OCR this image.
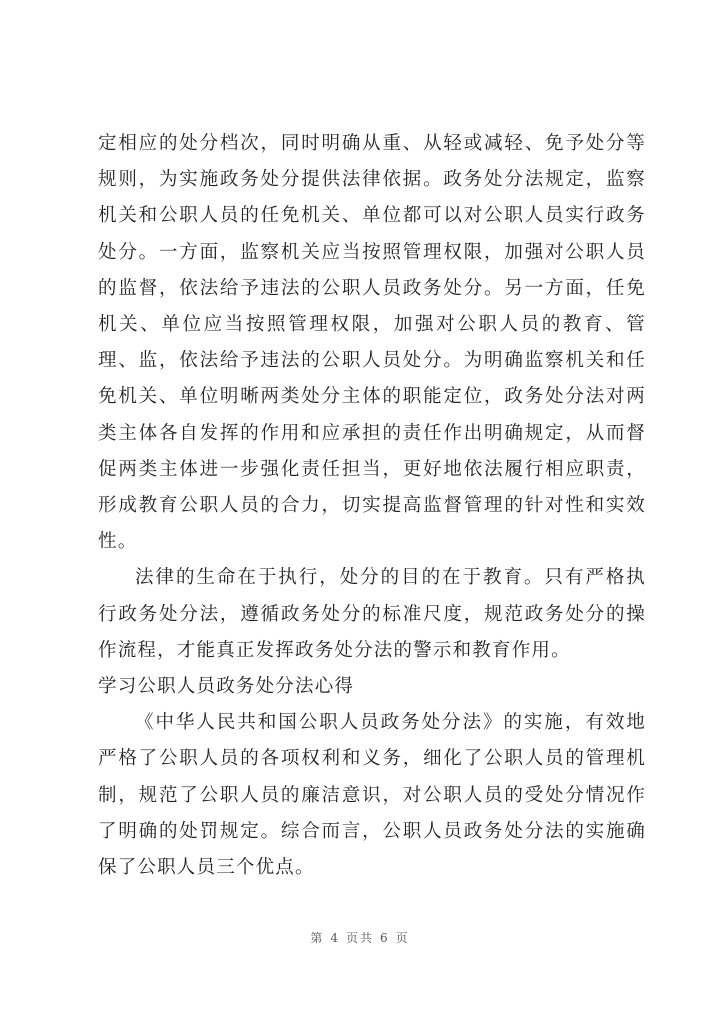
定相应的处分档次，同时明确从重、从轻或减轻、免予处分等规则，为实施政务处分提供法律依据。政务处分法规定，监察机关和公职人员的任免机关、单位都可以对公职人员实行政务处分。一方面，监察机关应当按照管理权限，加强对公职人员的监督，依法给予违法的公职人员政务处分。另一方面，任免机关、单位应当按照管理权限，加强对公职人员的教育、管理、监，依法给予违法的公职人员处分。为明确监察机关和任免机关、单位明晰两类处分主体的职能定位，政务处分法对两类主体各自发挥的作用和应承担的责任作出明确规定，从而督促两类主体进一步强化责任担当，更好地依法履行相应职责，形成教育公职人员的合力，切实提高监督管理的针对性和实效性。

法律的生命在于执行，处分的目的在于教育。只有严格执行政务处分法，遵循政务处分的标准尺度，规范政务处分的操作流程，才能真正发挥政务处分法的警示和教育作用。

学习公职人员政务处分法心得

《中华人民共和国公职人员政务处分法》的实施，有效地严格了公职人员的各项权利和义务，细化了公职人员的管理机制，规范了公职人员的廉洁意识，对公职人员的受处分情况作了明确的处罚规定。综合而言，公职人员政务处分法的实施确保了公职人员三个优点。

第 4 页共 6 页
